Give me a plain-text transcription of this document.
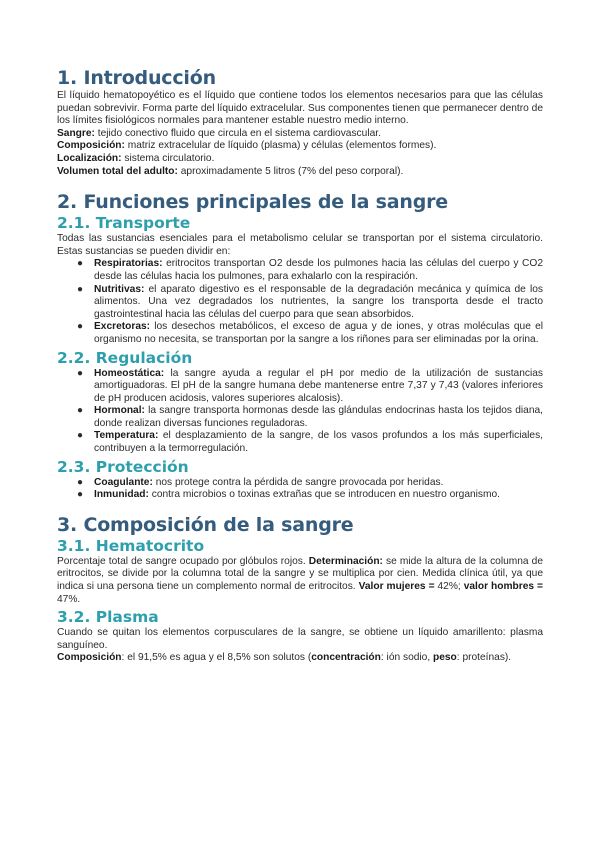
1. Introducción

El líquido hematopoyético es el líquido que contiene todos los elementos necesarios para que las células puedan sobrevivir. Forma parte del líquido extracelular. Sus componentes tienen que permanecer dentro de los límites fisiológicos normales para mantener estable nuestro medio interno.

Sangre: tejido conectivo fluido que circula en el sistema cardiovascular.

Composición: matriz extracelular de líquido (plasma) y células (elementos formes).

Localización: sistema circulatorio.

Volumen total del adulto: aproximadamente 5 litros (7% del peso corporal).

2. Funciones principales de la sangre
2.1. Transporte

Todas las sustancias esenciales para el metabolismo celular se transportan por el sistema circulatorio. Estas sustancias se pueden dividir en:

● Respiratorias: eritrocitos transportan O2 desde los pulmones hacia las células del cuerpo y CO2 desde las células hacia los pulmones, para exhalarlo con la respiración.
● Nutritivas: el aparato digestivo es el responsable de la degradación mecánica y química de los alimentos. Una vez degradados los nutrientes, la sangre los transporta desde el tracto gastrointestinal hacia las células del cuerpo para que sean absorbidos.
● Excretoras: los desechos metabólicos, el exceso de agua y de iones, y otras moléculas que el organismo no necesita, se transportan por la sangre a los riñones para ser eliminadas por la orina.
2.2. Regulación
● Homeostática: la sangre ayuda a regular el pH por medio de la utilización de sustancias amortiguadoras. El pH de la sangre humana debe mantenerse entre 7,37 y 7,43 (valores inferiores de pH producen acidosis, valores superiores alcalosis).
● Hormonal: la sangre transporta hormonas desde las glándulas endocrinas hasta los tejidos diana, donde realizan diversas funciones reguladoras.
● Temperatura: el desplazamiento de la sangre, de los vasos profundos a los más superficiales, contribuyen a la termorregulación.
2.3. Protección
● Coagulante: nos protege contra la pérdida de sangre provocada por heridas.
● Inmunidad: contra microbios o toxinas extrañas que se introducen en nuestro organismo.
3. Composición de la sangre
3.1. Hematocrito

Porcentaje total de sangre ocupado por glóbulos rojos. Determinación: se mide la altura de la columna de eritrocitos, se divide por la columna total de la sangre y se multiplica por cien. Medida clínica útil, ya que indica si una persona tiene un complemento normal de eritrocitos. Valor mujeres = 42%; valor hombres = 47%.

3.2. Plasma

Cuando se quitan los elementos corpusculares de la sangre, se obtiene un líquido amarillento: plasma sanguíneo.

Composición: el 91,5% es agua y el 8,5% son solutos (concentración: ión sodio, peso: proteínas).
